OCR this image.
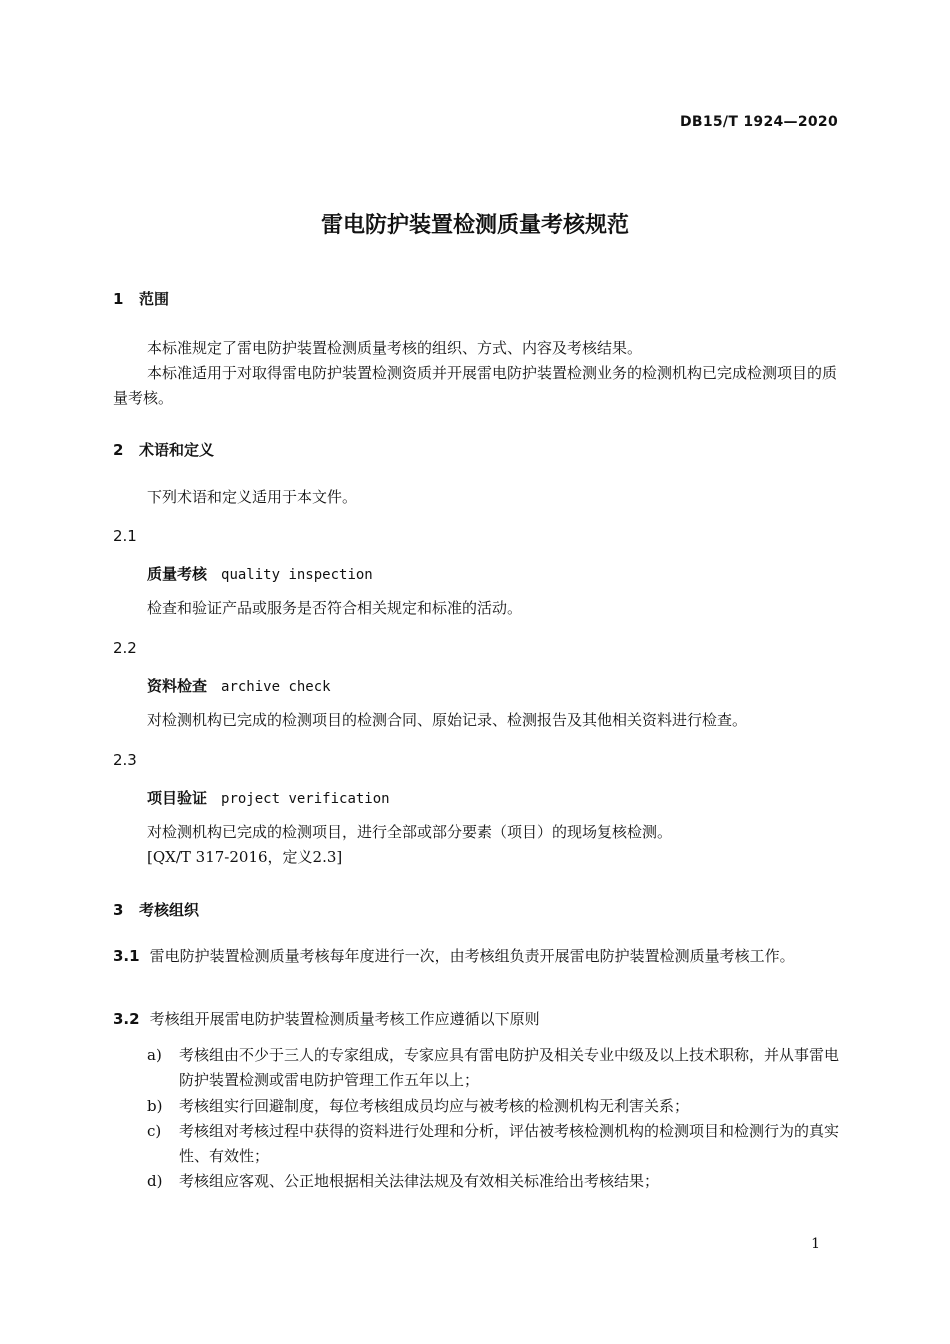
DB15/T 1924—2020
雷电防护装置检测质量考核规范
1 范围
本标准规定了雷电防护装置检测质量考核的组织、方式、内容及考核结果。
本标准适用于对取得雷电防护装置检测资质并开展雷电防护装置检测业务的检测机构已完成检测项目的质量考核。
2 术语和定义
下列术语和定义适用于本文件。
2.1
质量考核 quality inspection
检查和验证产品或服务是否符合相关规定和标准的活动。
2.2
资料检查 archive check
对检测机构已完成的检测项目的检测合同、原始记录、检测报告及其他相关资料进行检查。
2.3
项目验证 project verification
对检测机构已完成的检测项目，进行全部或部分要素（项目）的现场复核检测。
[QX/T 317-2016，定义2.3]
3 考核组织
3.1 雷电防护装置检测质量考核每年度进行一次，由考核组负责开展雷电防护装置检测质量考核工作。
3.2 考核组开展雷电防护装置检测质量考核工作应遵循以下原则
a) 考核组由不少于三人的专家组成，专家应具有雷电防护及相关专业中级及以上技术职称，并从事雷电防护装置检测或雷电防护管理工作五年以上；
b) 考核组实行回避制度，每位考核组成员均应与被考核的检测机构无利害关系；
c) 考核组对考核过程中获得的资料进行处理和分析，评估被考核检测机构的检测项目和检测行为的真实性、有效性；
d) 考核组应客观、公正地根据相关法律法规及有效相关标准给出考核结果；
1
